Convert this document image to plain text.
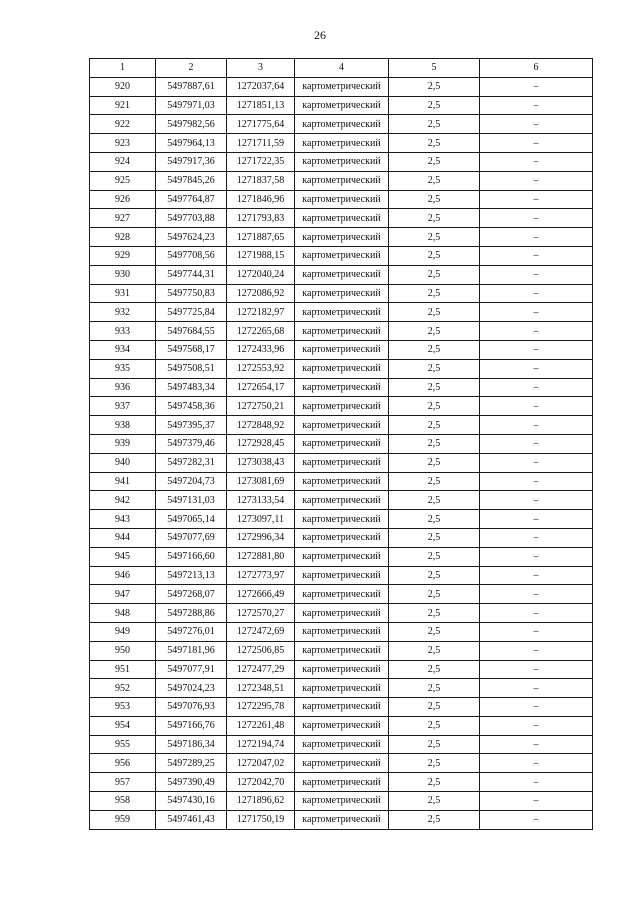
26
1	2	3	4	5	6
920	5497887,61	1272037,64	картометрический	2,5	–
921	5497971,03	1271851,13	картометрический	2,5	–
922	5497982,56	1271775,64	картометрический	2,5	–
923	5497964,13	1271711,59	картометрический	2,5	–
924	5497917,36	1271722,35	картометрический	2,5	–
925	5497845,26	1271837,58	картометрический	2,5	–
926	5497764,87	1271846,96	картометрический	2,5	–
927	5497703,88	1271793,83	картометрический	2,5	–
928	5497624,23	1271887,65	картометрический	2,5	–
929	5497708,56	1271988,15	картометрический	2,5	–
930	5497744,31	1272040,24	картометрический	2,5	–
931	5497750,83	1272086,92	картометрический	2,5	–
932	5497725,84	1272182,97	картометрический	2,5	–
933	5497684,55	1272265,68	картометрический	2,5	–
934	5497568,17	1272433,96	картометрический	2,5	–
935	5497508,51	1272553,92	картометрический	2,5	–
936	5497483,34	1272654,17	картометрический	2,5	–
937	5497458,36	1272750,21	картометрический	2,5	–
938	5497395,37	1272848,92	картометрический	2,5	–
939	5497379,46	1272928,45	картометрический	2,5	–
940	5497282,31	1273038,43	картометрический	2,5	–
941	5497204,73	1273081,69	картометрический	2,5	–
942	5497131,03	1273133,54	картометрический	2,5	–
943	5497065,14	1273097,11	картометрический	2,5	–
944	5497077,69	1272996,34	картометрический	2,5	–
945	5497166,60	1272881,80	картометрический	2,5	–
946	5497213,13	1272773,97	картометрический	2,5	–
947	5497268,07	1272666,49	картометрический	2,5	–
948	5497288,86	1272570,27	картометрический	2,5	–
949	5497276,01	1272472,69	картометрический	2,5	–
950	5497181,96	1272506,85	картометрический	2,5	–
951	5497077,91	1272477,29	картометрический	2,5	–
952	5497024,23	1272348,51	картометрический	2,5	–
953	5497076,93	1272295,78	картометрический	2,5	–
954	5497166,76	1272261,48	картометрический	2,5	–
955	5497186,34	1272194,74	картометрический	2,5	–
956	5497289,25	1272047,02	картометрический	2,5	–
957	5497390,49	1272042,70	картометрический	2,5	–
958	5497430,16	1271896,62	картометрический	2,5	–
959	5497461,43	1271750,19	картометрический	2,5	–
